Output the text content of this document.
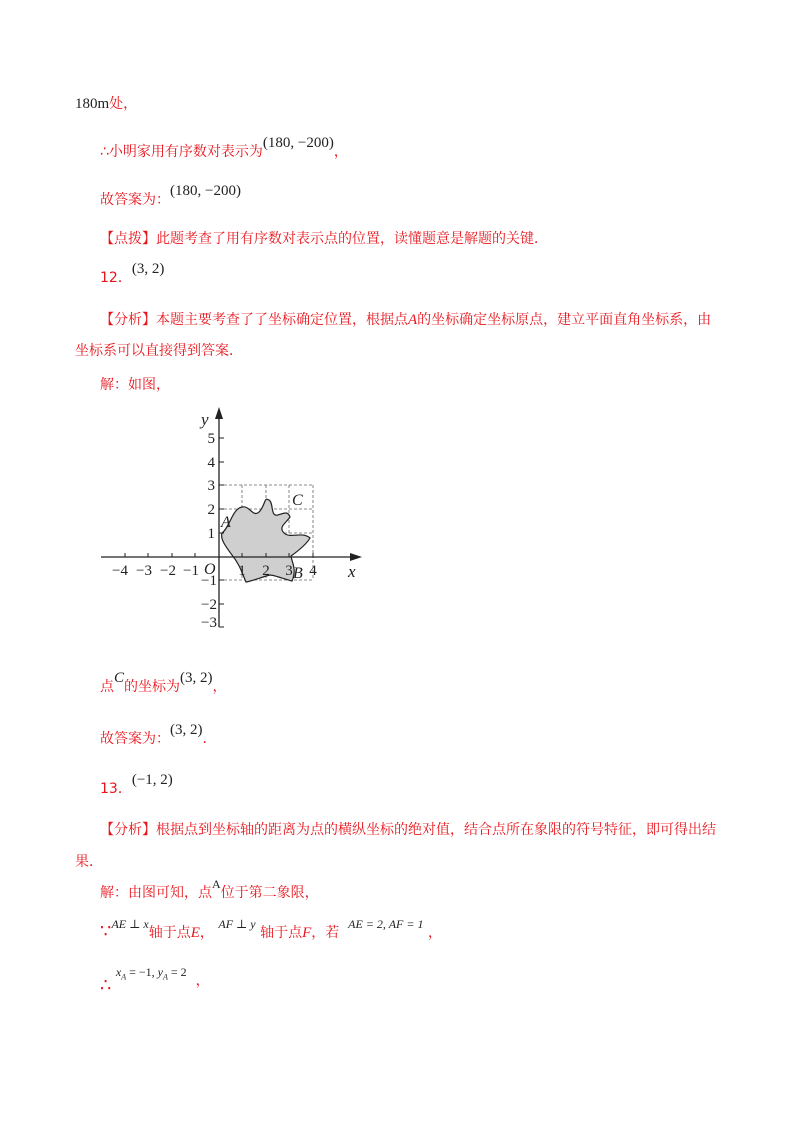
180m处，
∴小明家用有序数对表示为(180, −200)，
故答案为：(180, −200)
【点拨】此题考查了用有序数对表示点的位置，读懂题意是解题的关键．
12．(3, 2)
【分析】本题主要考查了了坐标确定位置，根据点A的坐标确定坐标原点，建立平面直角坐标系，由
坐标系可以直接得到答案．
解：如图，
−4 −3 −2 −1	1 2 3 4
5
4
3
2
1
−1
−2
−3
y
x
O
A
B
C
点C的坐标为(3, 2)，
故答案为：(3, 2)．
13．(−1, 2)
【分析】根据点到坐标轴的距离为点的横纵坐标的绝对值，结合点所在象限的符号特征，即可得出结
果．
解：由图可知，点A位于第二象限，
∵AE ⊥ x轴于点E， AF ⊥ y 轴于点F，若  AE = 2, AF = 1 ，
∴ $x_A = -1$, $y_A = 2$  ，
